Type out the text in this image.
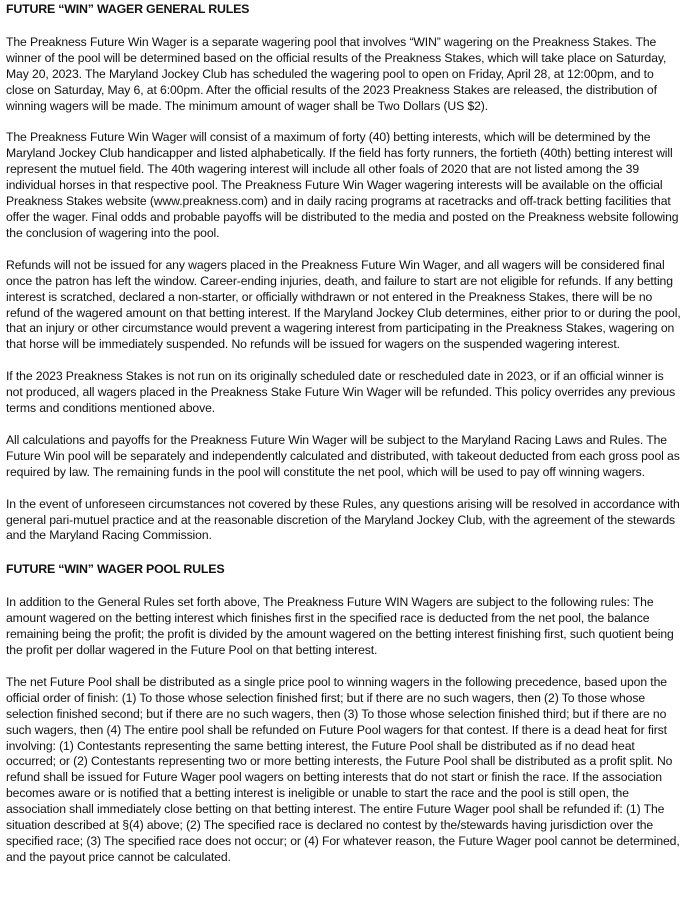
FUTURE “WIN” WAGER GENERAL RULES

The Preakness Future Win Wager is a separate wagering pool that involves “WIN” wagering on the Preakness Stakes. The winner of the pool will be determined based on the official results of the Preakness Stakes, which will take place on Saturday, May 20, 2023. The Maryland Jockey Club has scheduled the wagering pool to open on Friday, April 28, at 12:00pm, and to close on Saturday, May 6, at 6:00pm. After the official results of the 2023 Preakness Stakes are released, the distribution of winning wagers will be made. The minimum amount of wager shall be Two Dollars (US $2).

The Preakness Future Win Wager will consist of a maximum of forty (40) betting interests, which will be determined by the Maryland Jockey Club handicapper and listed alphabetically. If the field has forty runners, the fortieth (40th) betting interest will represent the mutuel field. The 40th wagering interest will include all other foals of 2020 that are not listed among the 39 individual horses in that respective pool. The Preakness Future Win Wager wagering interests will be available on the official Preakness Stakes website (www.preakness.com) and in daily racing programs at racetracks and off-track betting facilities that offer the wager. Final odds and probable payoffs will be distributed to the media and posted on the Preakness website following the conclusion of wagering into the pool.

Refunds will not be issued for any wagers placed in the Preakness Future Win Wager, and all wagers will be considered final once the patron has left the window. Career-ending injuries, death, and failure to start are not eligible for refunds. If any betting interest is scratched, declared a non-starter, or officially withdrawn or not entered in the Preakness Stakes, there will be no refund of the wagered amount on that betting interest. If the Maryland Jockey Club determines, either prior to or during the pool, that an injury or other circumstance would prevent a wagering interest from participating in the Preakness Stakes, wagering on that horse will be immediately suspended. No refunds will be issued for wagers on the suspended wagering interest.

If the 2023 Preakness Stakes is not run on its originally scheduled date or rescheduled date in 2023, or if an official winner is not produced, all wagers placed in the Preakness Stake Future Win Wager will be refunded. This policy overrides any previous terms and conditions mentioned above.

All calculations and payoffs for the Preakness Future Win Wager will be subject to the Maryland Racing Laws and Rules. The Future Win pool will be separately and independently calculated and distributed, with takeout deducted from each gross pool as required by law. The remaining funds in the pool will constitute the net pool, which will be used to pay off winning wagers.

In the event of unforeseen circumstances not covered by these Rules, any questions arising will be resolved in accordance with general pari-mutuel practice and at the reasonable discretion of the Maryland Jockey Club, with the agreement of the stewards and the Maryland Racing Commission.

FUTURE “WIN” WAGER POOL RULES

In addition to the General Rules set forth above, The Preakness Future WIN Wagers are subject to the following rules: The amount wagered on the betting interest which finishes first in the specified race is deducted from the net pool, the balance remaining being the profit; the profit is divided by the amount wagered on the betting interest finishing first, such quotient being the profit per dollar wagered in the Future Pool on that betting interest.

The net Future Pool shall be distributed as a single price pool to winning wagers in the following precedence, based upon the official order of finish: (1) To those whose selection finished first; but if there are no such wagers, then (2) To those whose selection finished second; but if there are no such wagers, then (3) To those whose selection finished third; but if there are no such wagers, then (4) The entire pool shall be refunded on Future Pool wagers for that contest. If there is a dead heat for first involving: (1) Contestants representing the same betting interest, the Future Pool shall be distributed as if no dead heat occurred; or (2) Contestants representing two or more betting interests, the Future Pool shall be distributed as a profit split. No refund shall be issued for Future Wager pool wagers on betting interests that do not start or finish the race. If the association becomes aware or is notified that a betting interest is ineligible or unable to start the race and the pool is still open, the association shall immediately close betting on that betting interest. The entire Future Wager pool shall be refunded if: (1) The situation described at §(4) above; (2) The specified race is declared no contest by the/stewards having jurisdiction over the specified race; (3) The specified race does not occur; or (4) For whatever reason, the Future Wager pool cannot be determined, and the payout price cannot be calculated.
